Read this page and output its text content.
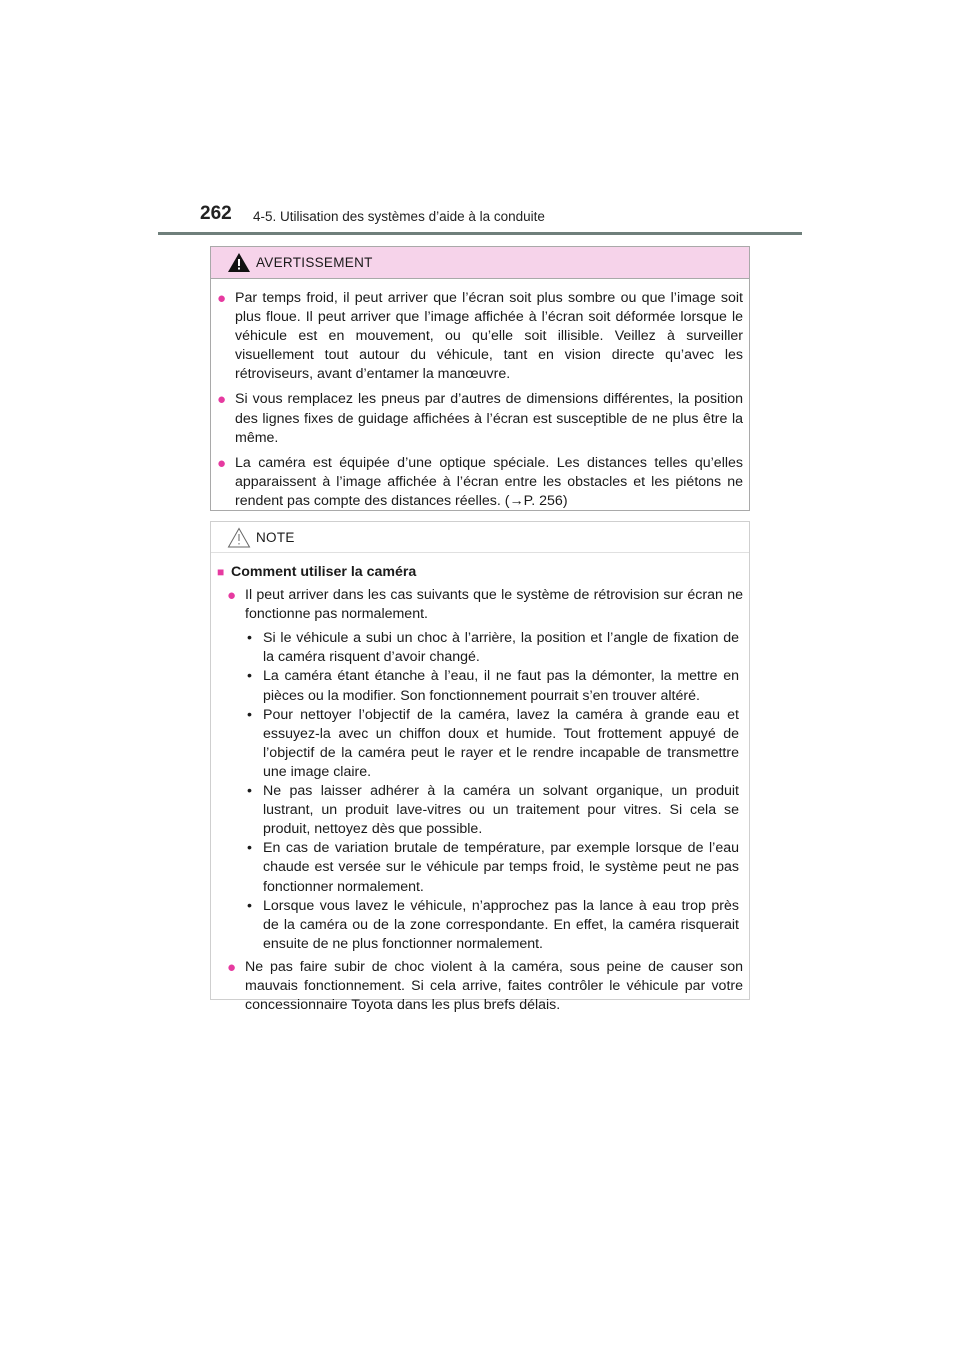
262 4-5. Utilisation des systèmes d’aide à la conduite
AVERTISSEMENT
● Par temps froid, il peut arriver que l’écran soit plus sombre ou que l’image soit plus floue. Il peut arriver que l’image affichée à l’écran soit déformée lorsque le véhicule est en mouvement, ou qu’elle soit illisible. Veillez à surveiller visuellement tout autour du véhicule, tant en vision directe qu’avec les rétroviseurs, avant d’entamer la manœuvre.
● Si vous remplacez les pneus par d’autres de dimensions différentes, la position des lignes fixes de guidage affichées à l’écran est susceptible de ne plus être la même.
● La caméra est équipée d’une optique spéciale. Les distances telles qu’elles apparaissent à l’image affichée à l’écran entre les obstacles et les piétons ne rendent pas compte des distances réelles. (→P. 256)
NOTE
■ Comment utiliser la caméra
● Il peut arriver dans les cas suivants que le système de rétrovision sur écran ne fonctionne pas normalement.
• Si le véhicule a subi un choc à l’arrière, la position et l’angle de fixation de la caméra risquent d’avoir changé.
• La caméra étant étanche à l’eau, il ne faut pas la démonter, la mettre en pièces ou la modifier. Son fonctionnement pourrait s’en trouver altéré.
• Pour nettoyer l’objectif de la caméra, lavez la caméra à grande eau et essuyez-la avec un chiffon doux et humide. Tout frottement appuyé de l’objectif de la caméra peut le rayer et le rendre incapable de transmettre une image claire.
• Ne pas laisser adhérer à la caméra un solvant organique, un produit lustrant, un produit lave-vitres ou un traitement pour vitres. Si cela se produit, nettoyez dès que possible.
• En cas de variation brutale de température, par exemple lorsque de l’eau chaude est versée sur le véhicule par temps froid, le système peut ne pas fonctionner normalement.
• Lorsque vous lavez le véhicule, n’approchez pas la lance à eau trop près de la caméra ou de la zone correspondante. En effet, la caméra risquerait ensuite de ne plus fonctionner normalement.
● Ne pas faire subir de choc violent à la caméra, sous peine de causer son mauvais fonctionnement. Si cela arrive, faites contrôler le véhicule par votre concessionnaire Toyota dans les plus brefs délais.
